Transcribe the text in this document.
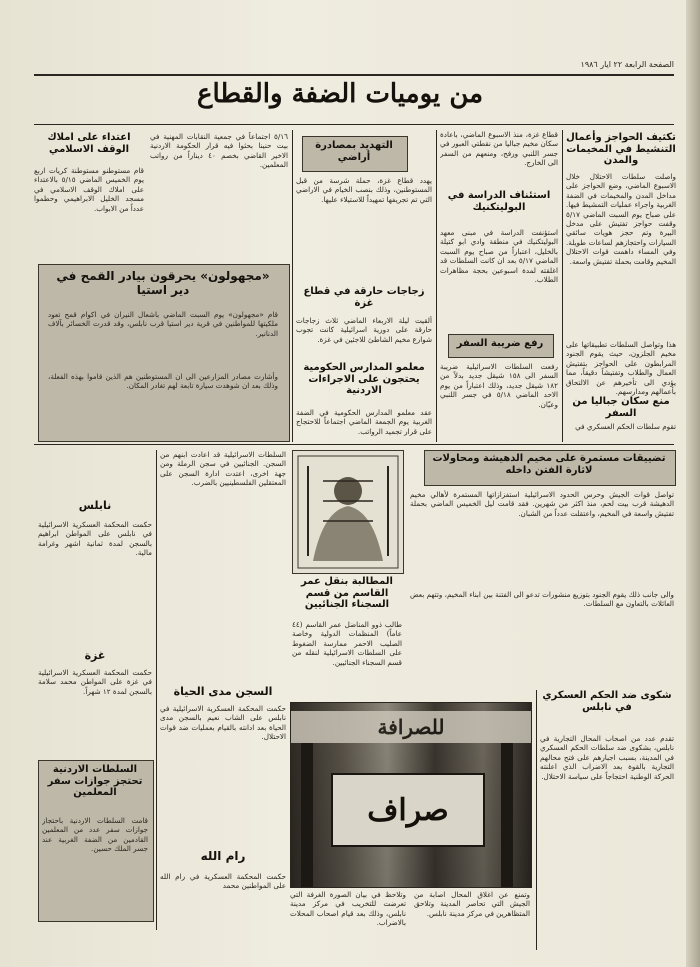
الصفحة الرابعة ٢٢ ايار ١٩٨٦
من يوميات الضفة والقطاع
تكثيف الحواجز وأعمال التنشيط في المخيمات والمدن
واصلت سلطات الاحتلال خلال الاسبوع الماضي، وضع الحواجز على مداخل المدن والمخيمات في الضفة الغربية واجراء عمليات التمشيط فيها. على صباح يوم السبت الماضي ٥/١٧ وقفت حواجز تفتيش على مدخل البيرة وتم حجز هويات سائقي السيارات واحتجازهم لساعات طويلة. وفي المساء داهمت قوات الاحتلال المخيم وقامت بحملة تفتيش واسعة.
هذا وتواصل السلطات تطبيقاتها على مخيم الجلزون، حيث يقوم الجنود المرابطون على الحواجز بتفتيش العمال والطلاب وتفتيشاً دقيقاً، مما يؤدي الى تأخيرهم عن الالتحاق بأعمالهم ومدارسهم.
منع سكان جباليا من السفر
تقوم سلطات الحكم العسكري في
قطاع غزة، منذ الاسبوع الماضي، باعادة سكان مخيم جباليا من نقطتي العبور في جسر اللنبي ورفح، ومنعهم من السفر الى الخارج.
استئناف الدراسة في البوليتكنيك
استؤنفت الدراسة في مبنى معهد البوليتكنيك في منطقة وادي ابو كتيلة بالخليل، اعتباراً من صباح يوم السبت الماضي ٥/١٧ بعد ان كانت السلطات قد اغلقته لمدة اسبوعين بحجة مظاهرات الطلاب.
رفع ضريبة السفر
رفعت السلطات الاسرائيلية ضريبة السفر الى ١٥٨ شيقل جديد بدلاً من ١٨٢ شيقل جديد، وذلك اعتباراً من يوم الاحد الماضي ٥/١٨ في جسر اللنبي وعيّان.
التهديد بمصادرة أراضي
يهدد قطاع غزة، حملة شرسة من قبل المستوطنين، وذلك بنصب الخيام في الاراضي التي تم تجريفها تمهيداً للاستيلاء عليها.
زجاجات حارقة في قطاع غزة
ألقيت ليلة الاربعاء الماضي ثلاث زجاجات حارقة على دورية اسرائيلية كانت تجوب شوارع مخيم الشاطئ للاجئين في غزة.
معلمو المدارس الحكومية يحتجون على الاجراءات الاردنية
عقد معلمو المدارس الحكومية في الضفة الغربية يوم الجمعة الماضي اجتماعاً للاحتجاج على قرار تجميد الرواتب.
اعتداء على املاك الوقف الاسلامي
قام مستوطنو مستوطنة كريات اربع يوم الخميس الماضي ٥/١٥ بالاعتداء على املاك الوقف الاسلامي في مسجد الخليل الابراهيمي وحطموا عدداً من الابواب.
٥/١٦ اجتماعاً في جمعية النقابات المهنية في بيت حنينا بحثوا فيه قرار الحكومة الاردنية الاخير القاضي بخصم ٤٠ ديناراً من رواتب المعلمين.
«مجهولون» يحرقون بيادر القمح في دير استيا
قام «مجهولون» يوم السبت الماضي باشعال النيران في اكوام قمح تعود ملكيتها للمواطنين في قرية دير استيا قرب نابلس، وقد قدرت الخسائر بآلاف الدنانير.
وأشارت مصادر المزارعين الى ان المستوطنين هم الذين قاموا بهذه الفعلة، وذلك بعد ان شوهدت سيارة تابعة لهم تغادر المكان.
تضييقات مستمرة على مخيم الدهيشة ومحاولات لاثارة الفتن داخله
تواصل قوات الجيش وحرس الحدود الاسرائيلية استفزازاتها المستمرة لأهالي مخيم الدهيشة قرب بيت لحم، منذ اكثر من شهرين. فقد قامت ليل الخميس الماضي بحملة تفتيش واسعة في المخيم، واعتقلت عدداً من الشبان.
والى جانب ذلك يقوم الجنود بتوزيع منشورات تدعو الى الفتنة بين ابناء المخيم، وتتهم بعض العائلات بالتعاون مع السلطات.
السلطات الاسرائيلية قد اعادت ابنهم من السجن. الجنائيين في سجن الرملة ومن جهة اخرى، اعتدت ادارة السجن على المعتقلين الفلسطينيين بالضرب.
المطالبة بنقل عمر القاسم من قسم السجناء الجنائيين
طالب ذوو المناضل عمر القاسم (٤٤ عاماً) المنظمات الدولية وخاصة الصليب الاحمر ممارسة الضغوط على السلطات الاسرائيلية لنقله من قسم السجناء الجنائيين.
السجن مدى الحياة
حكمت المحكمة العسكرية الاسرائيلية في نابلس على الشاب نعيم بالسجن مدى الحياة بعد ادانته بالقيام بعمليات ضد قوات الاحتلال.
رام الله
حكمت المحكمة العسكرية في رام الله على المواطنين محمد
نابلس
حكمت المحكمة العسكرية الاسرائيلية في نابلس على المواطن ابراهيم بالسجن لمدة ثمانية اشهر وغرامة مالية.
غزة
حكمت المحكمة العسكرية الاسرائيلية في غزة على المواطن محمد سلامة بالسجن لمدة ١٢ شهراً.
السلطات الاردنية تحتجز جوازات سفر المعلمين
قامت السلطات الاردنية باحتجاز جوازات سفر عدد من المعلمين القادمين من الضفة الغربية عند جسر الملك حسين.
للصرافة
صراف
وتلاحظ في بيان الصورة الغرفة التي تعرضت للتخريب في مركز مدينة نابلس، وذلك بعد قيام اصحاب المحلات بالاضراب.
وتمنع عن اغلاق المحال اصابة من الجيش التي تحاصر المدينة وتلاحق المتظاهرين في مركز مدينة نابلس.
شكوى ضد الحكم العسكري في نابلس
تقدم عدد من اصحاب المحال التجارية في نابلس، بشكوى ضد سلطات الحكم العسكري في المدينة، بسبب اجبارهم على فتح محالهم التجارية بالقوة بعد الاضراب الذي اعلنته الحركة الوطنية احتجاجاً على سياسة الاحتلال.
